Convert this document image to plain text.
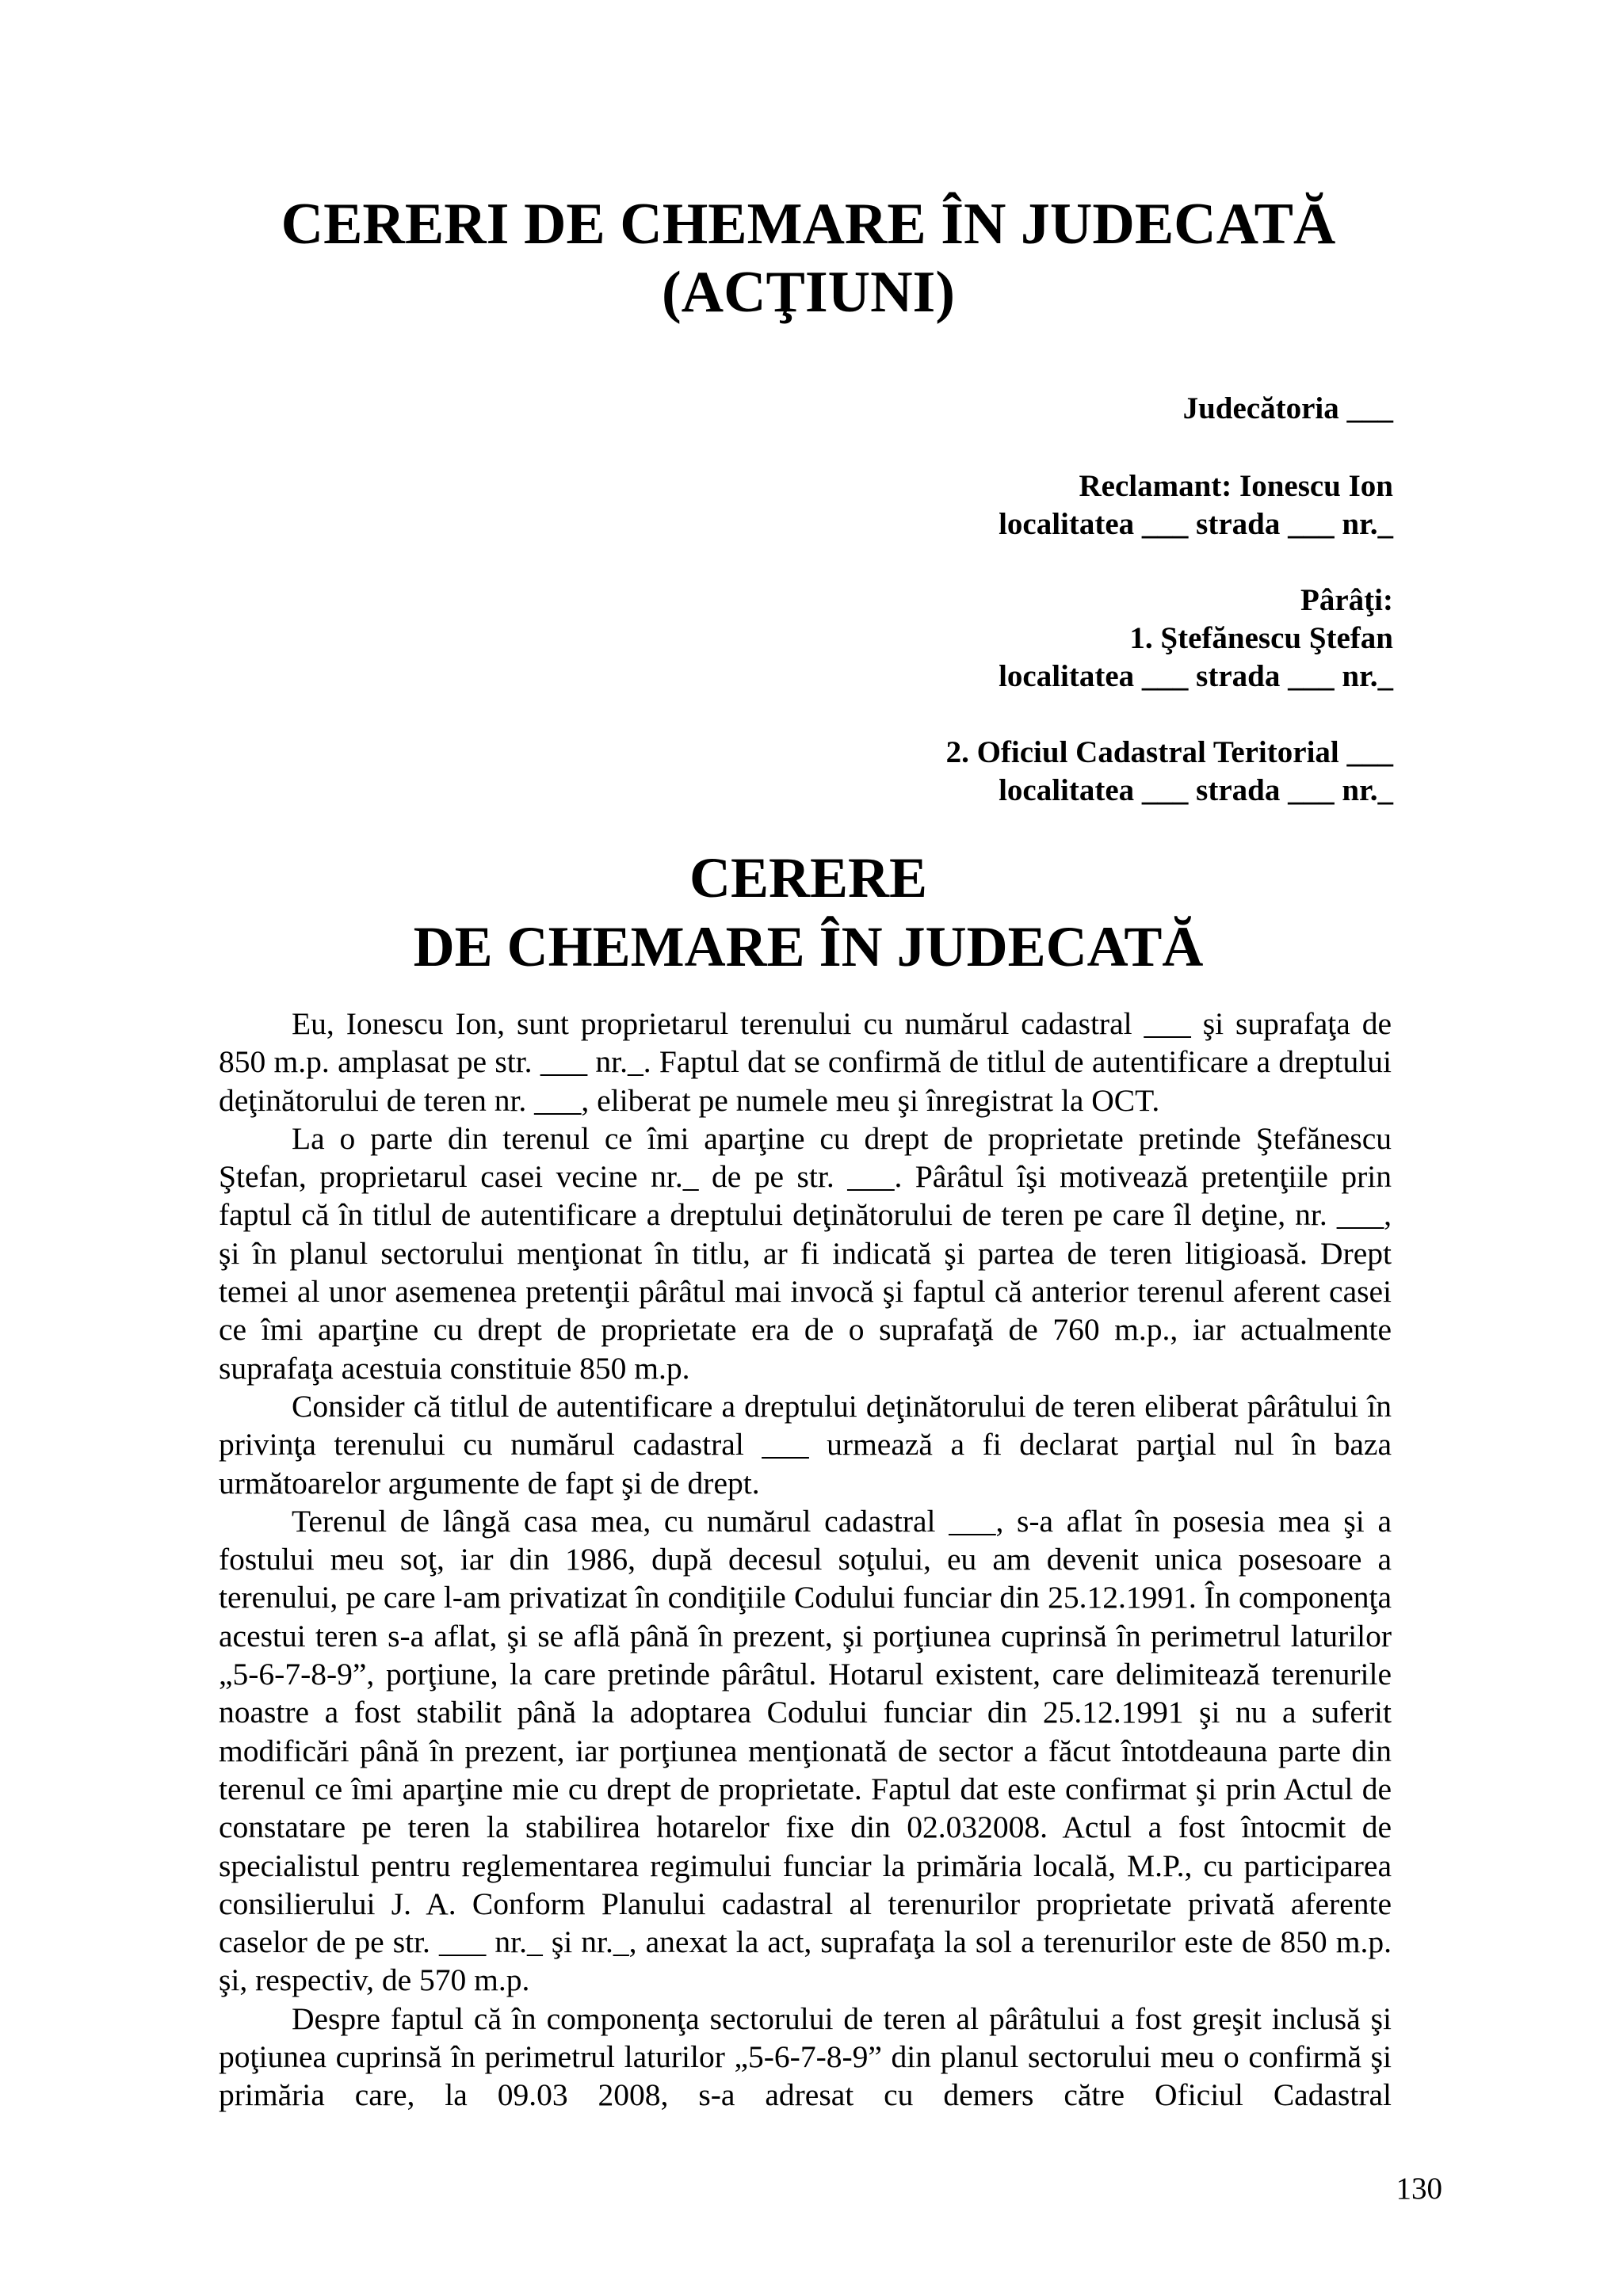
CERERI DE CHEMARE ÎN JUDECATĂ
(ACŢIUNI)
Judecătoria ___
Reclamant: Ionescu Ion
localitatea ___ strada ___ nr._
Pârâţi:
1. Ştefănescu Ştefan
localitatea ___ strada ___ nr._
2. Oficiul Cadastral Teritorial ___
localitatea ___ strada ___ nr._
CERERE
DE CHEMARE ÎN JUDECATĂ

Eu, Ionescu Ion, sunt proprietarul terenului cu numărul cadastral ___ şi suprafaţa de 850 m.p. amplasat pe str. ___ nr._. Faptul dat se confirmă de titlul de autentificare a dreptului deţinătorului de teren nr. ___, eliberat pe numele meu şi înregistrat la OCT.

La o parte din terenul ce îmi aparţine cu drept de proprietate pretinde Ştefănescu Ştefan, proprietarul casei vecine nr._ de pe str. ___. Pârâtul îşi motivează pretenţiile prin faptul că în titlul de autentificare a dreptului deţinătorului de teren pe care îl deţine, nr. ___, şi în planul sectorului menţionat în titlu, ar fi indicată şi partea de teren litigioasă. Drept temei al unor asemenea pretenţii pârâtul mai invocă şi faptul că anterior terenul aferent casei ce îmi aparţine cu drept de proprietate era de o suprafaţă de 760 m.p., iar actualmente suprafaţa acestuia constituie 850 m.p.

Consider că titlul de autentificare a dreptului deţinătorului de teren eliberat pârâtului în privinţa terenului cu numărul cadastral ___ urmează a fi declarat parţial nul în baza următoarelor argumente de fapt şi de drept.

Terenul de lângă casa mea, cu numărul cadastral ___, s-a aflat în posesia mea şi a fostului meu soţ, iar din 1986, după decesul soţului, eu am devenit unica posesoare a terenului, pe care l-am privatizat în condiţiile Codului funciar din 25.12.1991. În componenţa acestui teren s-a aflat, şi se află până în prezent, şi porţiunea cuprinsă în perimetrul laturilor „5-6-7-8-9”, porţiune, la care pretinde pârâtul. Hotarul existent, care delimitează terenurile noastre a fost stabilit până la adoptarea Codului funciar din 25.12.1991 şi nu a suferit modificări până în prezent, iar porţiunea menţionată de sector a făcut întotdeauna parte din terenul ce îmi aparţine mie cu drept de proprietate. Faptul dat este confirmat şi prin Actul de constatare pe teren la stabilirea hotarelor fixe din 02.032008. Actul a fost întocmit de specialistul pentru reglementarea regimului funciar la primăria locală, M.P., cu participarea consilierului J. A. Conform Planului cadastral al terenurilor proprietate privată aferente caselor de pe str. ___ nr._ şi nr._, anexat la act, suprafaţa la sol a terenurilor este de 850 m.p. şi, respectiv, de 570 m.p.

Despre faptul că în componenţa sectorului de teren al pârâtului a fost greşit inclusă şi poţiunea cuprinsă în perimetrul laturilor „5-6-7-8-9” din planul sectorului meu o confirmă şi primăria care, la 09.03 2008, s-a adresat cu demers către Oficiul Cadastral

130
